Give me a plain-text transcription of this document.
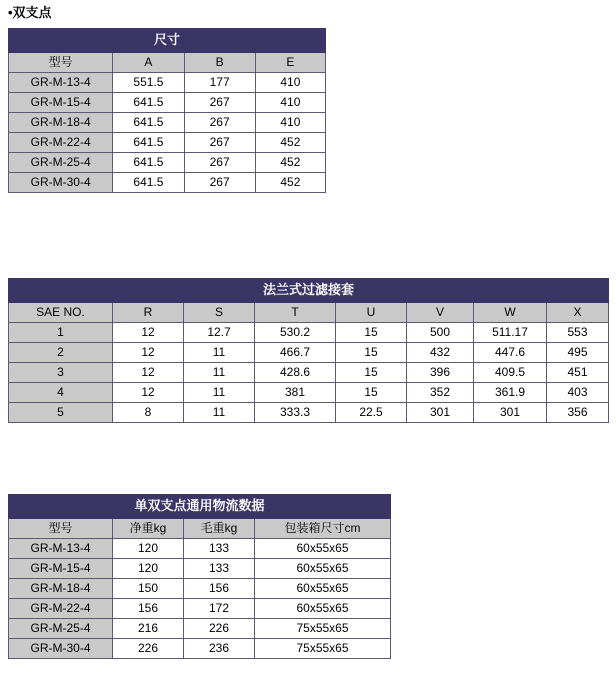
•双支点
尺寸			
型号	A	B	E
GR-M-13-4	551.5	177	410
GR-M-15-4	641.5	267	410
GR-M-18-4	641.5	267	410
GR-M-22-4	641.5	267	452
GR-M-25-4	641.5	267	452
GR-M-30-4	641.5	267	452
法兰式过滤接套							
SAE NO.	R	S	T	U	V	W	X
1	12	12.7	530.2	15	500	511.17	553
2	12	11	466.7	15	432	447.6	495
3	12	11	428.6	15	396	409.5	451
4	12	11	381	15	352	361.9	403
5	8	11	333.3	22.5	301	301	356
单双支点通用物流数据			
型号	净重kg	毛重kg	包装箱尺寸cm
GR-M-13-4	120	133	60x55x65
GR-M-15-4	120	133	60x55x65
GR-M-18-4	150	156	60x55x65
GR-M-22-4	156	172	60x55x65
GR-M-25-4	216	226	75x55x65
GR-M-30-4	226	236	75x55x65
